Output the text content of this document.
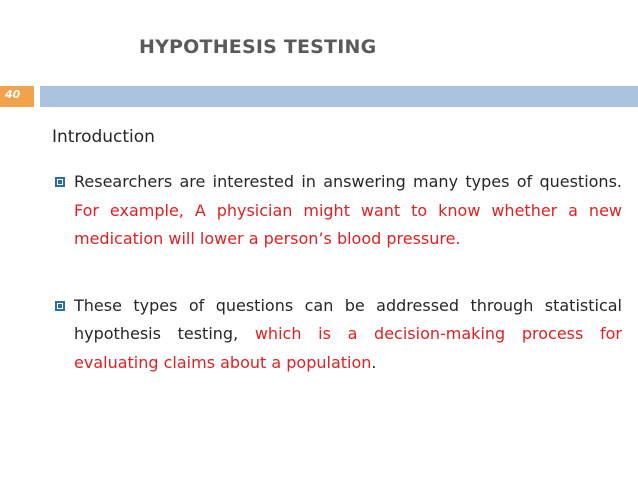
HYPOTHESIS TESTING
40
Introduction
Researchers are interested in answering many types of questions. For example, A physician might want to know whether a new medication will lower a person’s blood pressure.
These types of questions can be addressed through statistical hypothesis testing, which is a decision-making process for evaluating claims about a population.
